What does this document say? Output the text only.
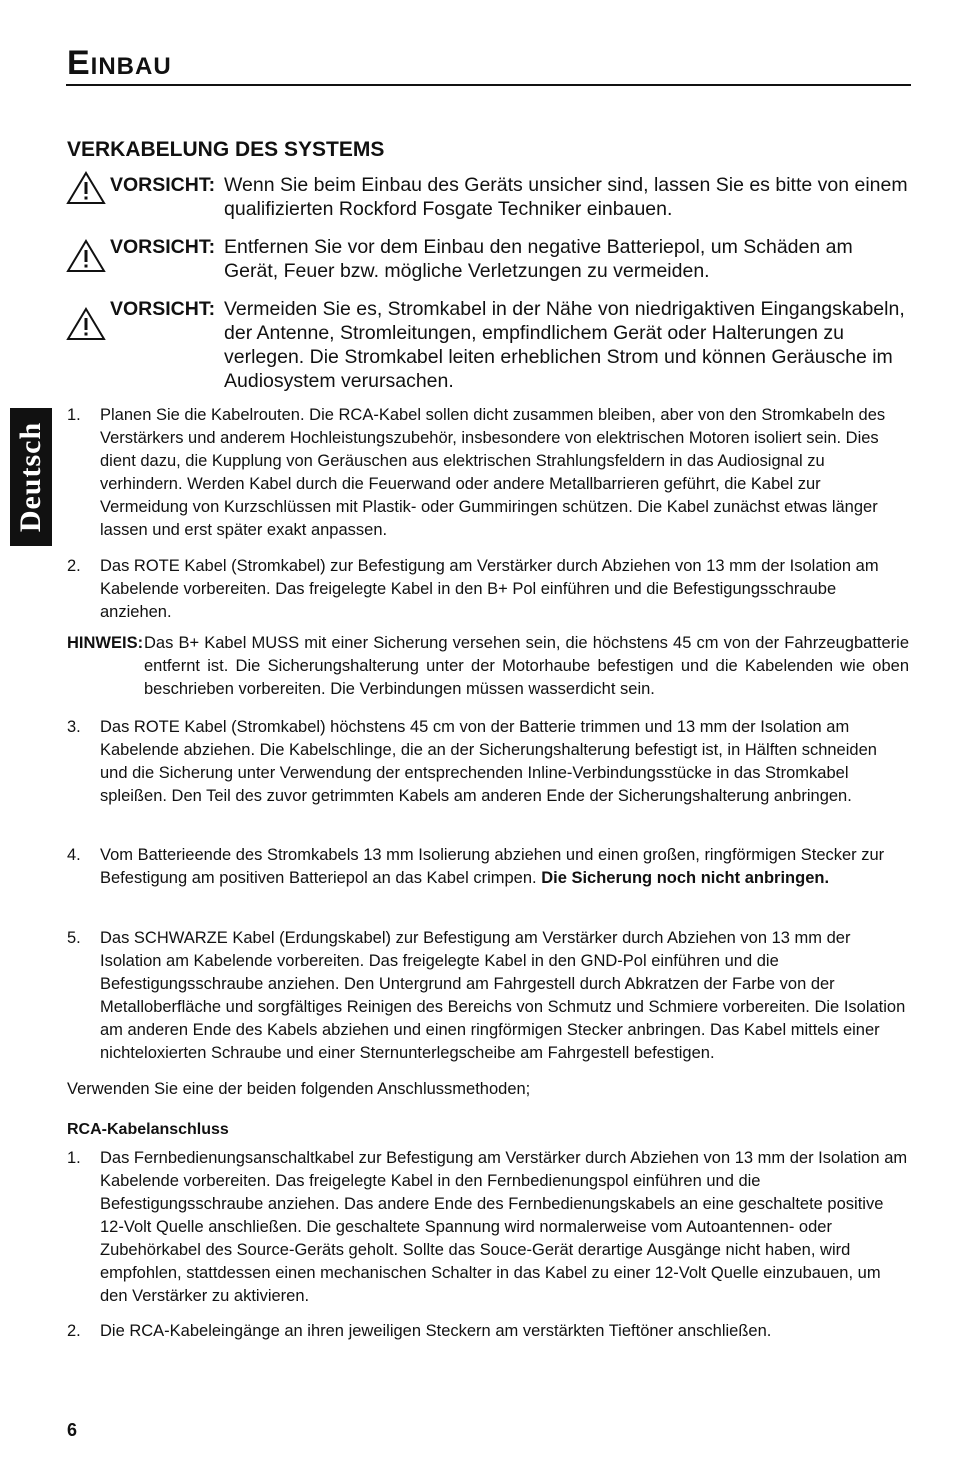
Einbau
Deutsch
VERKABELUNG DES SYSTEMS
VORSICHT: Wenn Sie beim Einbau des Geräts unsicher sind, lassen Sie es bitte von einem qualifizierten Rockford Fosgate Techniker einbauen.
VORSICHT: Entfernen Sie vor dem Einbau den negative Batteriepol, um Schäden am Gerät, Feuer bzw. mögliche Verletzungen zu vermeiden.
VORSICHT: Vermeiden Sie es, Stromkabel in der Nähe von niedrigaktiven Eingangskabeln, der Antenne, Stromleitungen, empfindlichem Gerät oder Halterungen zu verlegen. Die Stromkabel leiten erheblichen Strom und können Geräusche im Audiosystem verursachen.
1. Planen Sie die Kabelrouten. Die RCA-Kabel sollen dicht zusammen bleiben, aber von den Stromkabeln des Verstärkers und anderem Hochleistungszubehör, insbesondere von elektrischen Motoren isoliert sein. Dies dient dazu, die Kupplung von Geräuschen aus elektrischen Strahlungsfeldern in das Audiosignal zu verhindern. Werden Kabel durch die Feuerwand oder andere Metallbarrieren geführt, die Kabel zur Vermeidung von Kurzschlüssen mit Plastik- oder Gummiringen schützen. Die Kabel zunächst etwas länger lassen und erst später exakt anpassen.
2. Das ROTE Kabel (Stromkabel) zur Befestigung am Verstärker durch Abziehen von 13 mm der Isolation am Kabelende vorbereiten. Das freigelegte Kabel in den B+ Pol einführen und die Befestigungsschraube anziehen.
HINWEIS: Das B+ Kabel MUSS mit einer Sicherung versehen sein, die höchstens 45 cm von der Fahrzeugbatterie entfernt ist. Die Sicherungshalterung unter der Motorhaube befestigen und die Kabelenden wie oben beschrieben vorbereiten. Die Verbindungen müssen wasserdicht sein.
3. Das ROTE Kabel (Stromkabel) höchstens 45 cm von der Batterie trimmen und 13 mm der Isolation am Kabelende abziehen. Die Kabelschlinge, die an der Sicherungshalterung befestigt ist, in Hälften schneiden und die Sicherung unter Verwendung der entsprechenden Inline-Verbindungsstücke in das Stromkabel spleißen. Den Teil des zuvor getrimmten Kabels am anderen Ende der Sicherungshalterung anbringen.
4. Vom Batterieende des Stromkabels 13 mm Isolierung abziehen und einen großen, ringförmigen Stecker zur Befestigung am positiven Batteriepol an das Kabel crimpen. Die Sicherung noch nicht anbringen.
5. Das SCHWARZE Kabel (Erdungskabel) zur Befestigung am Verstärker durch Abziehen von 13 mm der Isolation am Kabelende vorbereiten. Das freigelegte Kabel in den GND-Pol einführen und die Befestigungsschraube anziehen. Den Untergrund am Fahrgestell durch Abkratzen der Farbe von der Metalloberfläche und sorgfältiges Reinigen des Bereichs von Schmutz und Schmiere vorbereiten. Die Isolation am anderen Ende des Kabels abziehen und einen ringförmigen Stecker anbringen. Das Kabel mittels einer nichteloxierten Schraube und einer Sternunterlegscheibe am Fahrgestell befestigen.
Verwenden Sie eine der beiden folgenden Anschlussmethoden;
RCA-Kabelanschluss
1. Das Fernbedienungsanschaltkabel zur Befestigung am Verstärker durch Abziehen von 13 mm der Isolation am Kabelende vorbereiten. Das freigelegte Kabel in den Fernbedienungspol einführen und die Befestigungsschraube anziehen. Das andere Ende des Fernbedienungskabels an eine geschaltete positive 12-Volt Quelle anschließen. Die geschaltete Spannung wird normalerweise vom Autoantennen- oder Zubehörkabel des Source-Geräts geholt. Sollte das Souce-Gerät derartige Ausgänge nicht haben, wird empfohlen, stattdessen einen mechanischen Schalter in das Kabel zu einer 12-Volt Quelle einzubauen, um den Verstärker zu aktivieren.
2. Die RCA-Kabeleingänge an ihren jeweiligen Steckern am verstärkten Tieftöner anschließen.
6
